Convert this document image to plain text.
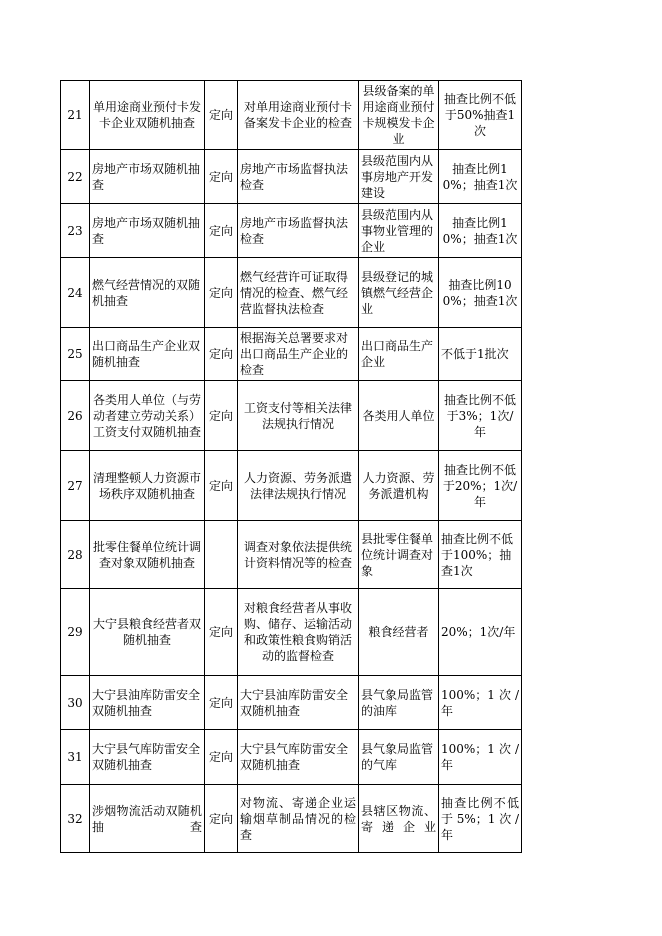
21	单用途商业预付卡发卡企业双随机抽查	定向	对单用途商业预付卡备案发卡企业的检查	县级备案的单用途商业预付卡规模发卡企业	抽查比例不低于50%抽查1次
22	房地产市场双随机抽查	定向	房地产市场监督执法检查	县级范围内从事房地产开发建设	抽查比例10%；抽查1次
23	房地产市场双随机抽查	定向	房地产市场监督执法检查	县级范围内从事物业管理的企业	抽查比例10%；抽查1次
24	燃气经营情况的双随机抽查	定向	燃气经营许可证取得情况的检查、燃气经营监督执法检查	县级登记的城镇燃气经营企业	抽查比例100%；抽查1次
25	出口商品生产企业双随机抽查	定向	根据海关总署要求对出口商品生产企业的检查	出口商品生产企业	不低于1批次
26	各类用人单位（与劳动者建立劳动关系）工资支付双随机抽查	定向	工资支付等相关法律法规执行情况	各类用人单位	抽查比例不低于3%；1次/年
27	清理整顿人力资源市场秩序双随机抽查	定向	人力资源、劳务派遣法律法规执行情况	人力资源、劳务派遣机构	抽查比例不低于20%；1次/年
28	批零住餐单位统计调查对象双随机抽查		调查对象依法提供统计资料情况等的检查	县批零住餐单位统计调查对象	抽查比例不低于100%；抽查1次
29	大宁县粮食经营者双随机抽查	定向	对粮食经营者从事收购、储存、运输活动和政策性粮食购销活动的监督检查	粮食经营者	20%；1次/年
30	大宁县油库防雷安全双随机抽查	定向	大宁县油库防雷安全双随机抽查	县气象局监管的油库	100%；1次/年
31	大宁县气库防雷安全双随机抽查	定向	大宁县气库防雷安全双随机抽查	县气象局监管的气库	100%；1次/年
32	涉烟物流活动双随机抽查	定向	对物流、寄递企业运输烟草制品情况的检查	县辖区物流、寄递企业	抽查比例不低于5%；1次/年
